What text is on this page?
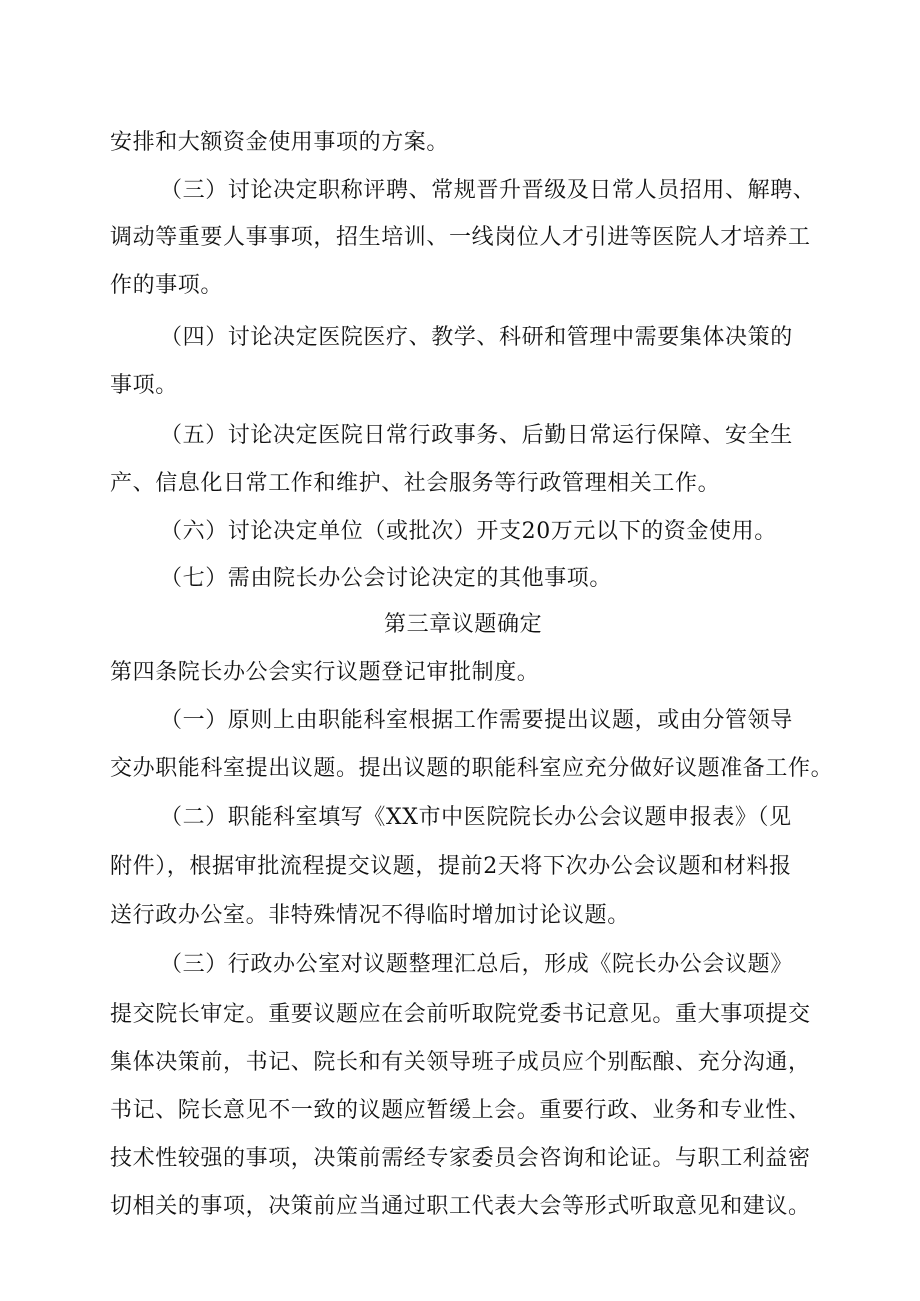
安排和大额资金使用事项的方案。
（三）讨论决定职称评聘、常规晋升晋级及日常人员招用、解聘、
调动等重要人事事项，招生培训、一线岗位人才引进等医院人才培养工
作的事项。
（四）讨论决定医院医疗、教学、科研和管理中需要集体决策的
事项。
（五）讨论决定医院日常行政事务、后勤日常运行保障、安全生
产、信息化日常工作和维护、社会服务等行政管理相关工作。
（六）讨论决定单位（或批次）开支20万元以下的资金使用。
（七）需由院长办公会讨论决定的其他事项。
第三章议题确定
第四条院长办公会实行议题登记审批制度。
（一）原则上由职能科室根据工作需要提出议题，或由分管领导
交办职能科室提出议题。提出议题的职能科室应充分做好议题准备工作。
（二）职能科室填写《XX市中医院院长办公会议题申报表》（见
附件），根据审批流程提交议题，提前2天将下次办公会议题和材料报
送行政办公室。非特殊情况不得临时增加讨论议题。
（三）行政办公室对议题整理汇总后，形成《院长办公会议题》
提交院长审定。重要议题应在会前听取院党委书记意见。重大事项提交
集体决策前，书记、院长和有关领导班子成员应个别酝酿、充分沟通，
书记、院长意见不一致的议题应暂缓上会。重要行政、业务和专业性、
技术性较强的事项，决策前需经专家委员会咨询和论证。与职工利益密
切相关的事项，决策前应当通过职工代表大会等形式听取意见和建议。
